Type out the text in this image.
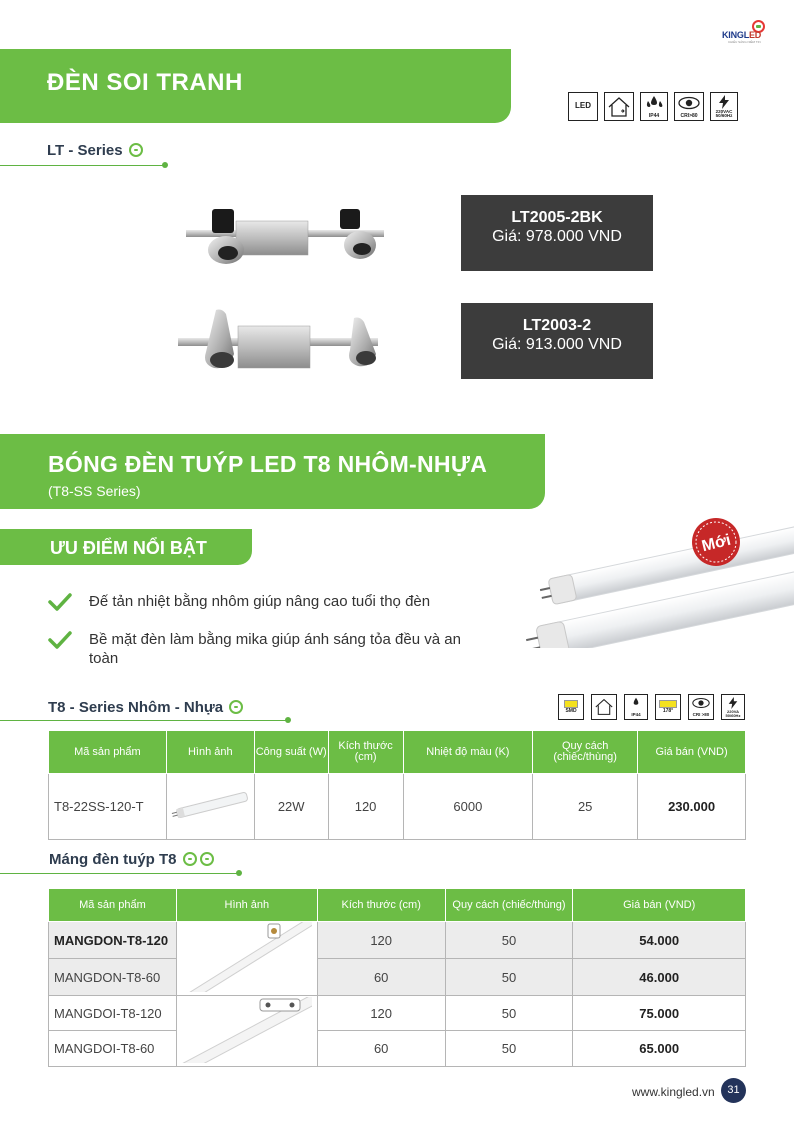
KINGLED
CHIẾU SÁNG NIỀM TIN
ĐÈN SOI TRANH
LED
IP44	CRI>80
220VAC 50/60Hz
LT - Series
LT2005-2BK
Giá: 978.000 VND
LT2003-2
Giá: 913.000 VND
BÓNG ĐÈN TUÝP LED T8 NHÔM-NHỰA
(T8-SS Series)
ƯU ĐIỂM NỔI BẬT	Mới
Đế tản nhiệt bằng nhôm giúp nâng cao tuổi thọ đèn
Bề mặt đèn làm bằng mika giúp ánh sáng tỏa đều và an toàn
T8 - Series Nhôm - Nhựa	SMD
IP44
178°
CRI >80
220VA 50/60Hz
Mã sản phẩm	Hình ảnh	Công suất (W)	Kích thước (cm)	Nhiệt độ màu (K)	Quy cách (chiếc/thùng)	Giá bán (VND)
T8-22SS-120-T		22W	120	6000	25	230.000
Máng đèn tuýp T8
Mã sản phẩm	Hình ảnh	Kích thước (cm)	Quy cách (chiếc/thùng)	Giá bán (VND)
MANGDON-T8-120		120	50	54.000
MANGDON-T8-60		60	50	46.000
MANGDOI-T8-120		120	50	75.000
MANGDOI-T8-60		60	50	65.000
www.kingled.vn	31
